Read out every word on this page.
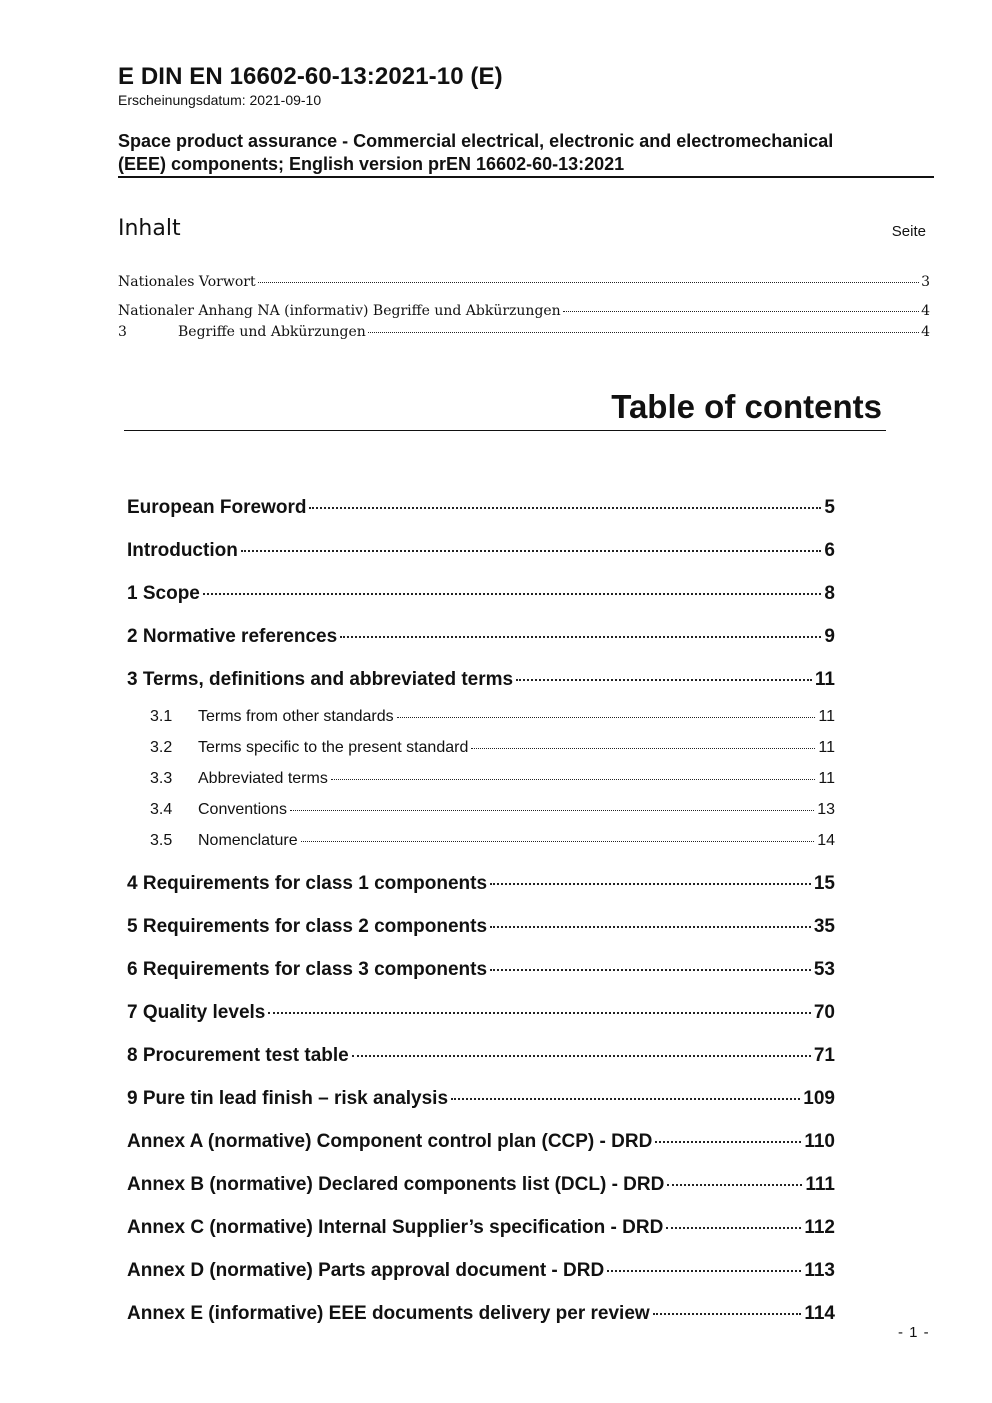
E DIN EN 16602-60-13:2021-10 (E)
Erscheinungsdatum: 2021-09-10
Space product assurance - Commercial electrical, electronic and electromechanical
(EEE) components; English version prEN 16602-60-13:2021
Inhalt	Seite
Nationales Vorwort	3
Nationaler Anhang NA (informativ) Begriffe und Abkürzungen	4
3	Begriffe und Abkürzungen	4
Table of contents
European Foreword	5
Introduction	6
1 Scope	8
2 Normative references	9
3 Terms, definitions and abbreviated terms	11
3.1	Terms from other standards	11
3.2	Terms specific to the present standard	11
3.3	Abbreviated terms	11
3.4	Conventions	13
3.5	Nomenclature	14
4 Requirements for class 1 components	15
5 Requirements for class 2 components	35
6 Requirements for class 3 components	53
7 Quality levels	70
8 Procurement test table	71
9 Pure tin lead finish – risk analysis	109
Annex A (normative) Component control plan (CCP) - DRD	110
Annex B (normative) Declared components list (DCL) - DRD	111
Annex C (normative) Internal Supplier’s specification - DRD	112
Annex D (normative) Parts approval document - DRD	113
Annex E (informative) EEE documents delivery per review	114
- 1 -
